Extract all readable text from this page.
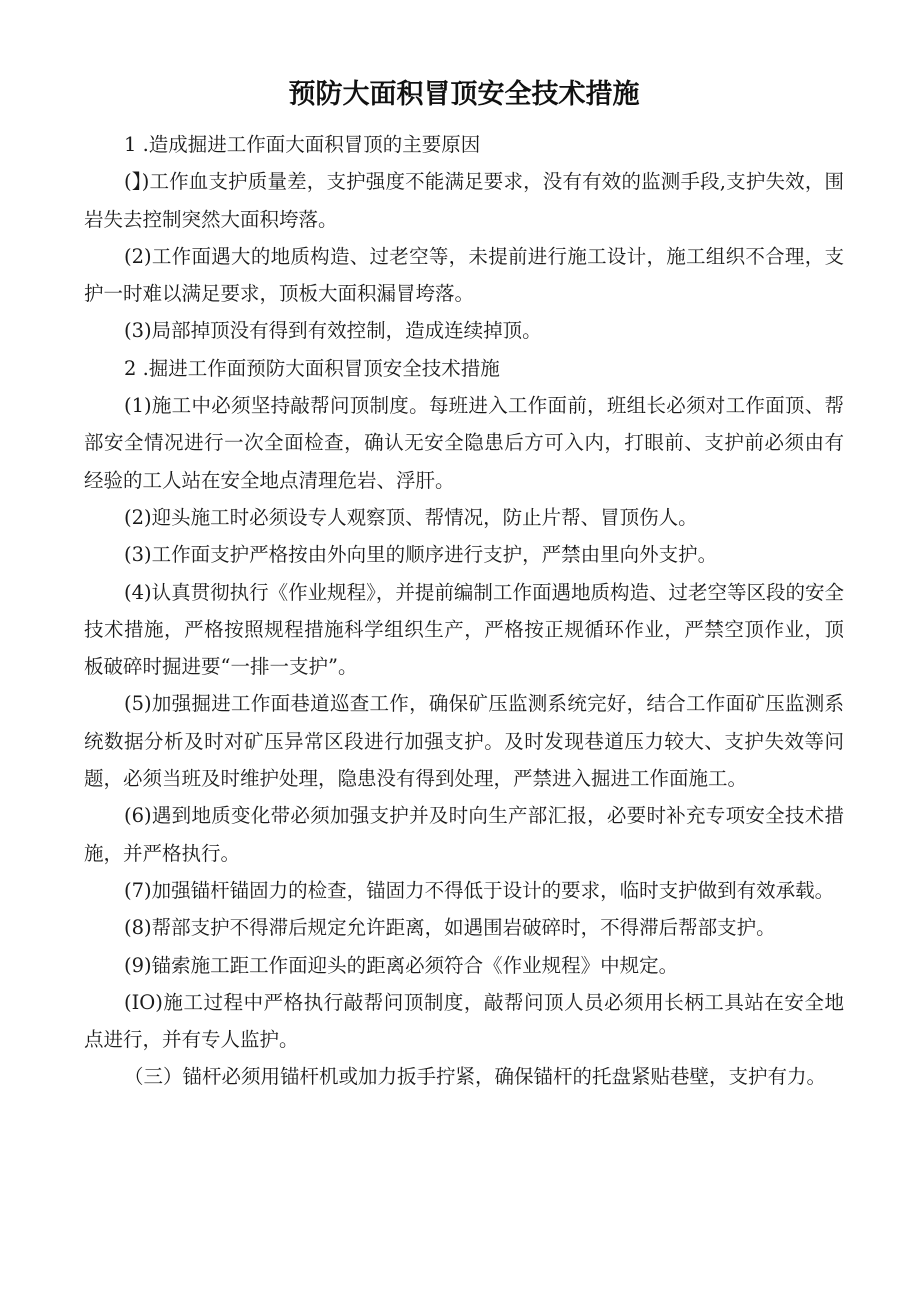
预防大面积冒顶安全技术措施

1 .造成掘进工作面大面积冒顶的主要原因

(】)工作血支护质量差，支护强度不能满足要求，没有有效的监测手段,支护失效，围岩失去控制突然大面积垮落。

(2)工作面遇大的地质构造、过老空等，未提前进行施工设计，施工组织不合理，支护一时难以满足要求，顶板大面积漏冒垮落。

(3)局部掉顶没有得到有效控制，造成连续掉顶。

2 .掘进工作面预防大面积冒顶安全技术措施

(1)施工中必须坚持敲帮问顶制度。每班进入工作面前，班组长必须对工作面顶、帮部安全情况进行一次全面检查，确认无安全隐患后方可入内，打眼前、支护前必须由有经验的工人站在安全地点清理危岩、浮肝。

(2)迎头施工时必须设专人观察顶、帮情况，防止片帮、冒顶伤人。

(3)工作面支护严格按由外向里的顺序进行支护，严禁由里向外支护。

(4)认真贯彻执行《作业规程》，并提前编制工作面遇地质构造、过老空等区段的安全技术措施，严格按照规程措施科学组织生产，严格按正规循环作业，严禁空顶作业，顶板破碎时掘进要“一排一支护”。

(5)加强掘进工作面巷道巡查工作，确保矿压监测系统完好，结合工作面矿压监测系统数据分析及时对矿压异常区段进行加强支护。及时发现巷道压力较大、支护失效等问题，必须当班及时维护处理，隐患没有得到处理，严禁进入掘进工作面施工。

(6)遇到地质变化带必须加强支护并及时向生产部汇报，必要时补充专项安全技术措施，并严格执行。

(7)加强锚杆锚固力的检查，锚固力不得低于设计的要求，临时支护做到有效承载。

(8)帮部支护不得滞后规定允许距离，如遇围岩破碎时，不得滞后帮部支护。

(9)锚索施工距工作面迎头的距离必须符合《作业规程》中规定。

(IO)施工过程中严格执行敲帮问顶制度，敲帮问顶人员必须用长柄工具站在安全地点进行，并有专人监护。

（三）锚杆必须用锚杆机或加力扳手拧紧，确保锚杆的托盘紧贴巷壁，支护有力。
